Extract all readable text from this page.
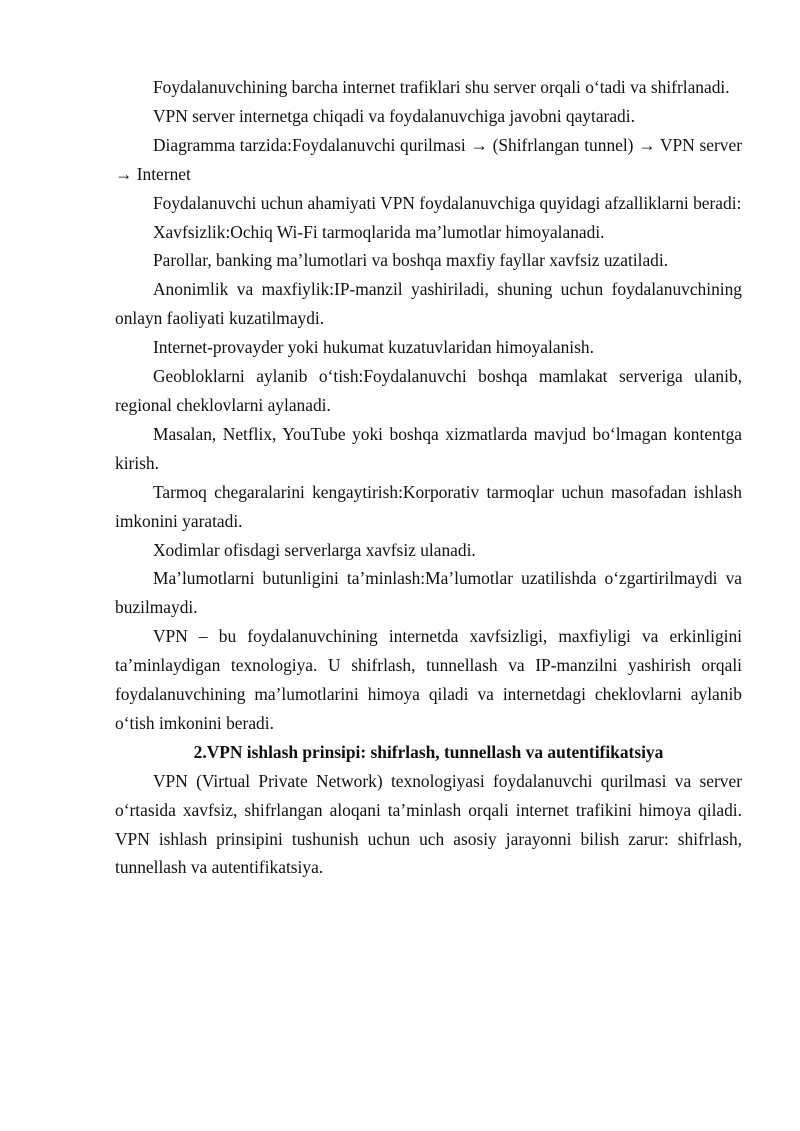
Foydalanuvchining barcha internet trafiklari shu server orqali o‘tadi va shifrlanadi.

VPN server internetga chiqadi va foydalanuvchiga javobni qaytaradi.

Diagramma tarzida:Foydalanuvchi qurilmasi → (Shifrlangan tunnel) → VPN server → Internet

Foydalanuvchi uchun ahamiyati VPN foydalanuvchiga quyidagi afzalliklarni beradi:

Xavfsizlik:Ochiq Wi-Fi tarmoqlarida ma’lumotlar himoyalanadi.

Parollar, banking ma’lumotlari va boshqa maxfiy fayllar xavfsiz uzatiladi.

Anonimlik va maxfiylik:IP-manzil yashiriladi, shuning uchun foydalanuvchining onlayn faoliyati kuzatilmaydi.

Internet-provayder yoki hukumat kuzatuvlaridan himoyalanish.

Geobloklarni aylanib o‘tish:Foydalanuvchi boshqa mamlakat serveriga ulanib, regional cheklovlarni aylanadi.

Masalan, Netflix, YouTube yoki boshqa xizmatlarda mavjud bo‘lmagan kontentga kirish.

Tarmoq chegaralarini kengaytirish:Korporativ tarmoqlar uchun masofadan ishlash imkonini yaratadi.

Xodimlar ofisdagi serverlarga xavfsiz ulanadi.

Ma’lumotlarni butunligini ta’minlash:Ma’lumotlar uzatilishda o‘zgartirilmaydi va buzilmaydi.

VPN – bu foydalanuvchining internetda xavfsizligi, maxfiyligi va erkinligini ta’minlaydigan texnologiya. U shifrlash, tunnellash va IP-manzilni yashirish orqali foydalanuvchining ma’lumotlarini himoya qiladi va internetdagi cheklovlarni aylanib o‘tish imkonini beradi.

2.VPN ishlash prinsipi: shifrlash, tunnellash va autentifikatsiya

VPN (Virtual Private Network) texnologiyasi foydalanuvchi qurilmasi va server o‘rtasida xavfsiz, shifrlangan aloqani ta’minlash orqali internet trafikini himoya qiladi. VPN ishlash prinsipini tushunish uchun uch asosiy jarayonni bilish zarur: shifrlash, tunnellash va autentifikatsiya.
